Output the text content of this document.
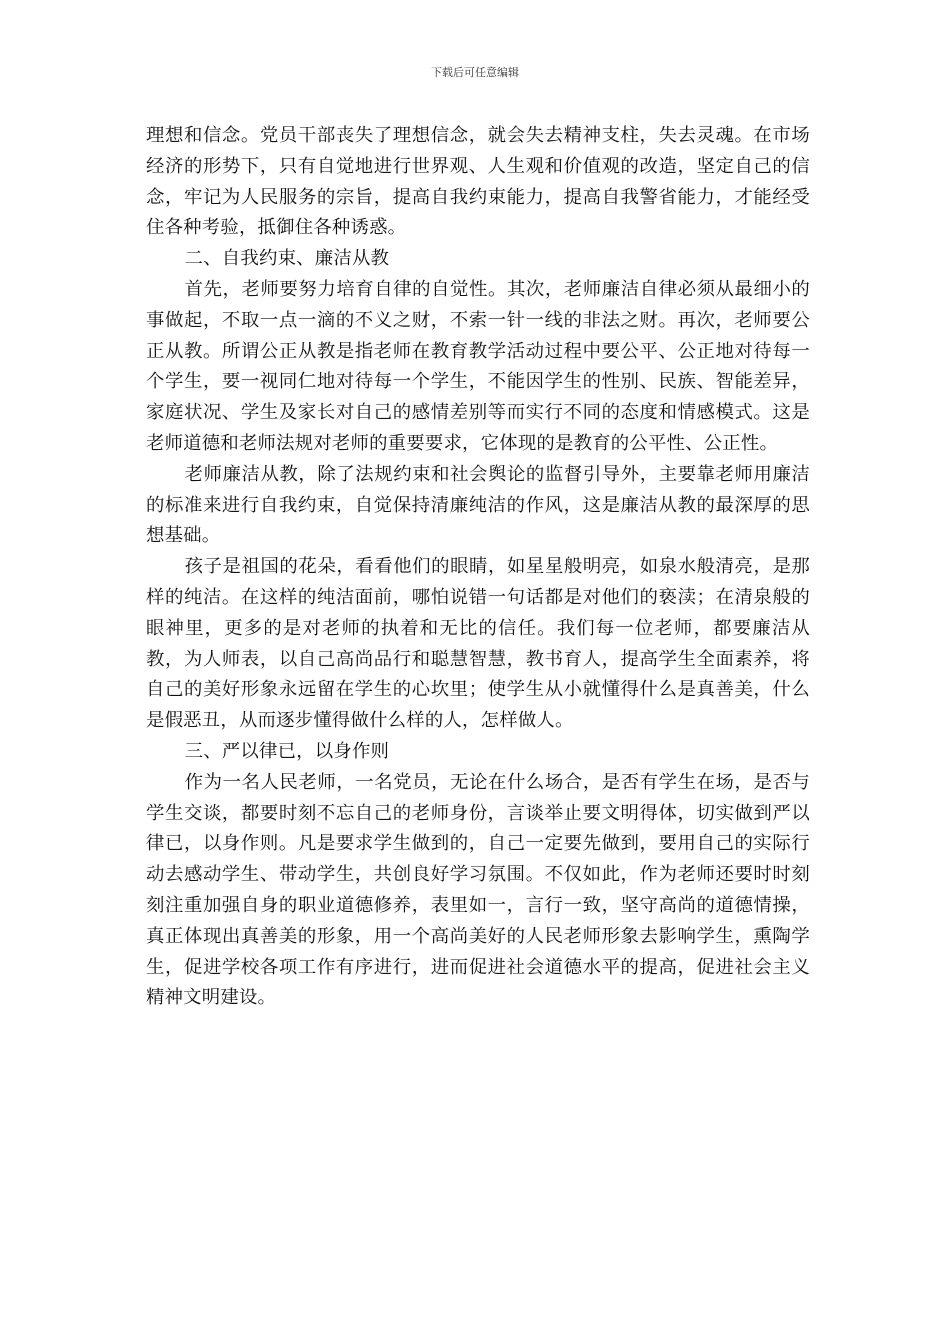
下载后可任意编辑

理想和信念。党员干部丧失了理想信念，就会失去精神支柱，失去灵魂。在市场经济的形势下，只有自觉地进行世界观、人生观和价值观的改造，坚定自己的信念，牢记为人民服务的宗旨，提高自我约束能力，提高自我警省能力，才能经受住各种考验，抵御住各种诱惑。

二、自我约束、廉洁从教

首先，老师要努力培育自律的自觉性。其次，老师廉洁自律必须从最细小的事做起，不取一点一滴的不义之财，不索一针一线的非法之财。再次，老师要公正从教。所谓公正从教是指老师在教育教学活动过程中要公平、公正地对待每一个学生，要一视同仁地对待每一个学生，不能因学生的性别、民族、智能差异，家庭状况、学生及家长对自己的感情差别等而实行不同的态度和情感模式。这是老师道德和老师法规对老师的重要要求，它体现的是教育的公平性、公正性。

老师廉洁从教，除了法规约束和社会舆论的监督引导外，主要靠老师用廉洁的标准来进行自我约束，自觉保持清廉纯洁的作风，这是廉洁从教的最深厚的思想基础。

孩子是祖国的花朵，看看他们的眼睛，如星星般明亮，如泉水般清亮，是那样的纯洁。在这样的纯洁面前，哪怕说错一句话都是对他们的亵渎；在清泉般的眼神里，更多的是对老师的执着和无比的信任。我们每一位老师，都要廉洁从教，为人师表，以自己高尚品行和聪慧智慧，教书育人，提高学生全面素养，将自己的美好形象永远留在学生的心坎里；使学生从小就懂得什么是真善美，什么是假恶丑，从而逐步懂得做什么样的人，怎样做人。

三、严以律已，以身作则

作为一名人民老师，一名党员，无论在什么场合，是否有学生在场，是否与学生交谈，都要时刻不忘自己的老师身份，言谈举止要文明得体，切实做到严以律已，以身作则。凡是要求学生做到的，自己一定要先做到，要用自己的实际行动去感动学生、带动学生，共创良好学习氛围。不仅如此，作为老师还要时时刻刻注重加强自身的职业道德修养，表里如一，言行一致，坚守高尚的道德情操，真正体现出真善美的形象，用一个高尚美好的人民老师形象去影响学生，熏陶学生，促进学校各项工作有序进行，进而促进社会道德水平的提高，促进社会主义精神文明建设。
